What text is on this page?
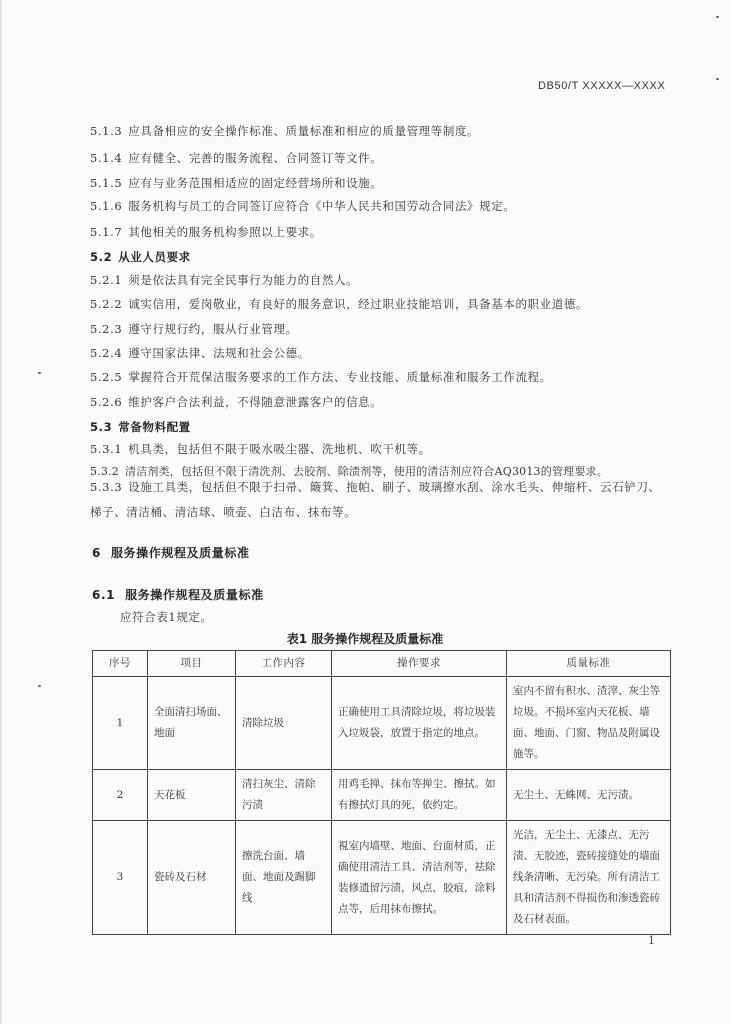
DB50/T XXXXX—XXXX
5.1.3 应具备相应的安全操作标准、质量标准和相应的质量管理等制度。
5.1.4 应有健全、完善的服务流程、合同签订等文件。
5.1.5 应有与业务范围相适应的固定经营场所和设施。
5.1.6 服务机构与员工的合同签订应符合《中华人民共和国劳动合同法》规定。
5.1.7 其他相关的服务机构参照以上要求。
5.2 从业人员要求
5.2.1 须是依法具有完全民事行为能力的自然人。
5.2.2 诚实信用，爱岗敬业，有良好的服务意识，经过职业技能培训，具备基本的职业道德。
5.2.3 遵守行规行约，服从行业管理。
5.2.4 遵守国家法律、法规和社会公德。
5.2.5 掌握符合开荒保洁服务要求的工作方法、专业技能、质量标准和服务工作流程。
5.2.6 维护客户合法利益，不得随意泄露客户的信息。
5.3 常备物料配置
5.3.1 机具类，包括但不限于吸水吸尘器、洗地机、吹干机等。
5.3.2 清洁剂类，包括但不限于清洗剂、去胶剂、除渍剂等，使用的清洁剂应符合AQ3013的管理要求。
5.3.3 设施工具类，包括但不限于扫帚、簸箕、拖帕、刷子、玻璃擦水刮、涂水毛头、伸缩杆、云石铲刀、梯子、清洁桶、清洁球、喷壶、白洁布、抹布等。
6 服务操作规程及质量标准
6.1 服务操作规程及质量标准
应符合表1规定。
表1 服务操作规程及质量标准
序号	项目	工作内容	操作要求	质量标准
1	全面清扫场面、地面	清除垃圾	正确使用工具清除垃圾，将垃圾装入垃圾袋，放置于指定的地点。	室内不留有积水、渣滓、灰尘等垃圾。不损坏室内天花板、墙面、地面、门窗、物品及附属设施等。
2	天花板	清扫灰尘、清除污渍	用鸡毛掸、抹布等掸尘、擦拭。如有擦拭灯具的死，依约定。	无尘土、无蛛网、无污渍。
3	瓷砖及石材	擦洗台面、墙面、地面及踢脚线	視室内墙壁、地面、台面材质，正确使用清洁工具、清洁剂等，祛除装修遗留污渍，风点，胶痕，涂料点等，后用抹布擦拭。	光洁，无尘土、无漆点、无污渍、无胶迹，瓷砖接缝处的墙面线条清晰、无污染。所有清洁工具和清洁剂不得损伤和渗透瓷砖及石材表面。
1
